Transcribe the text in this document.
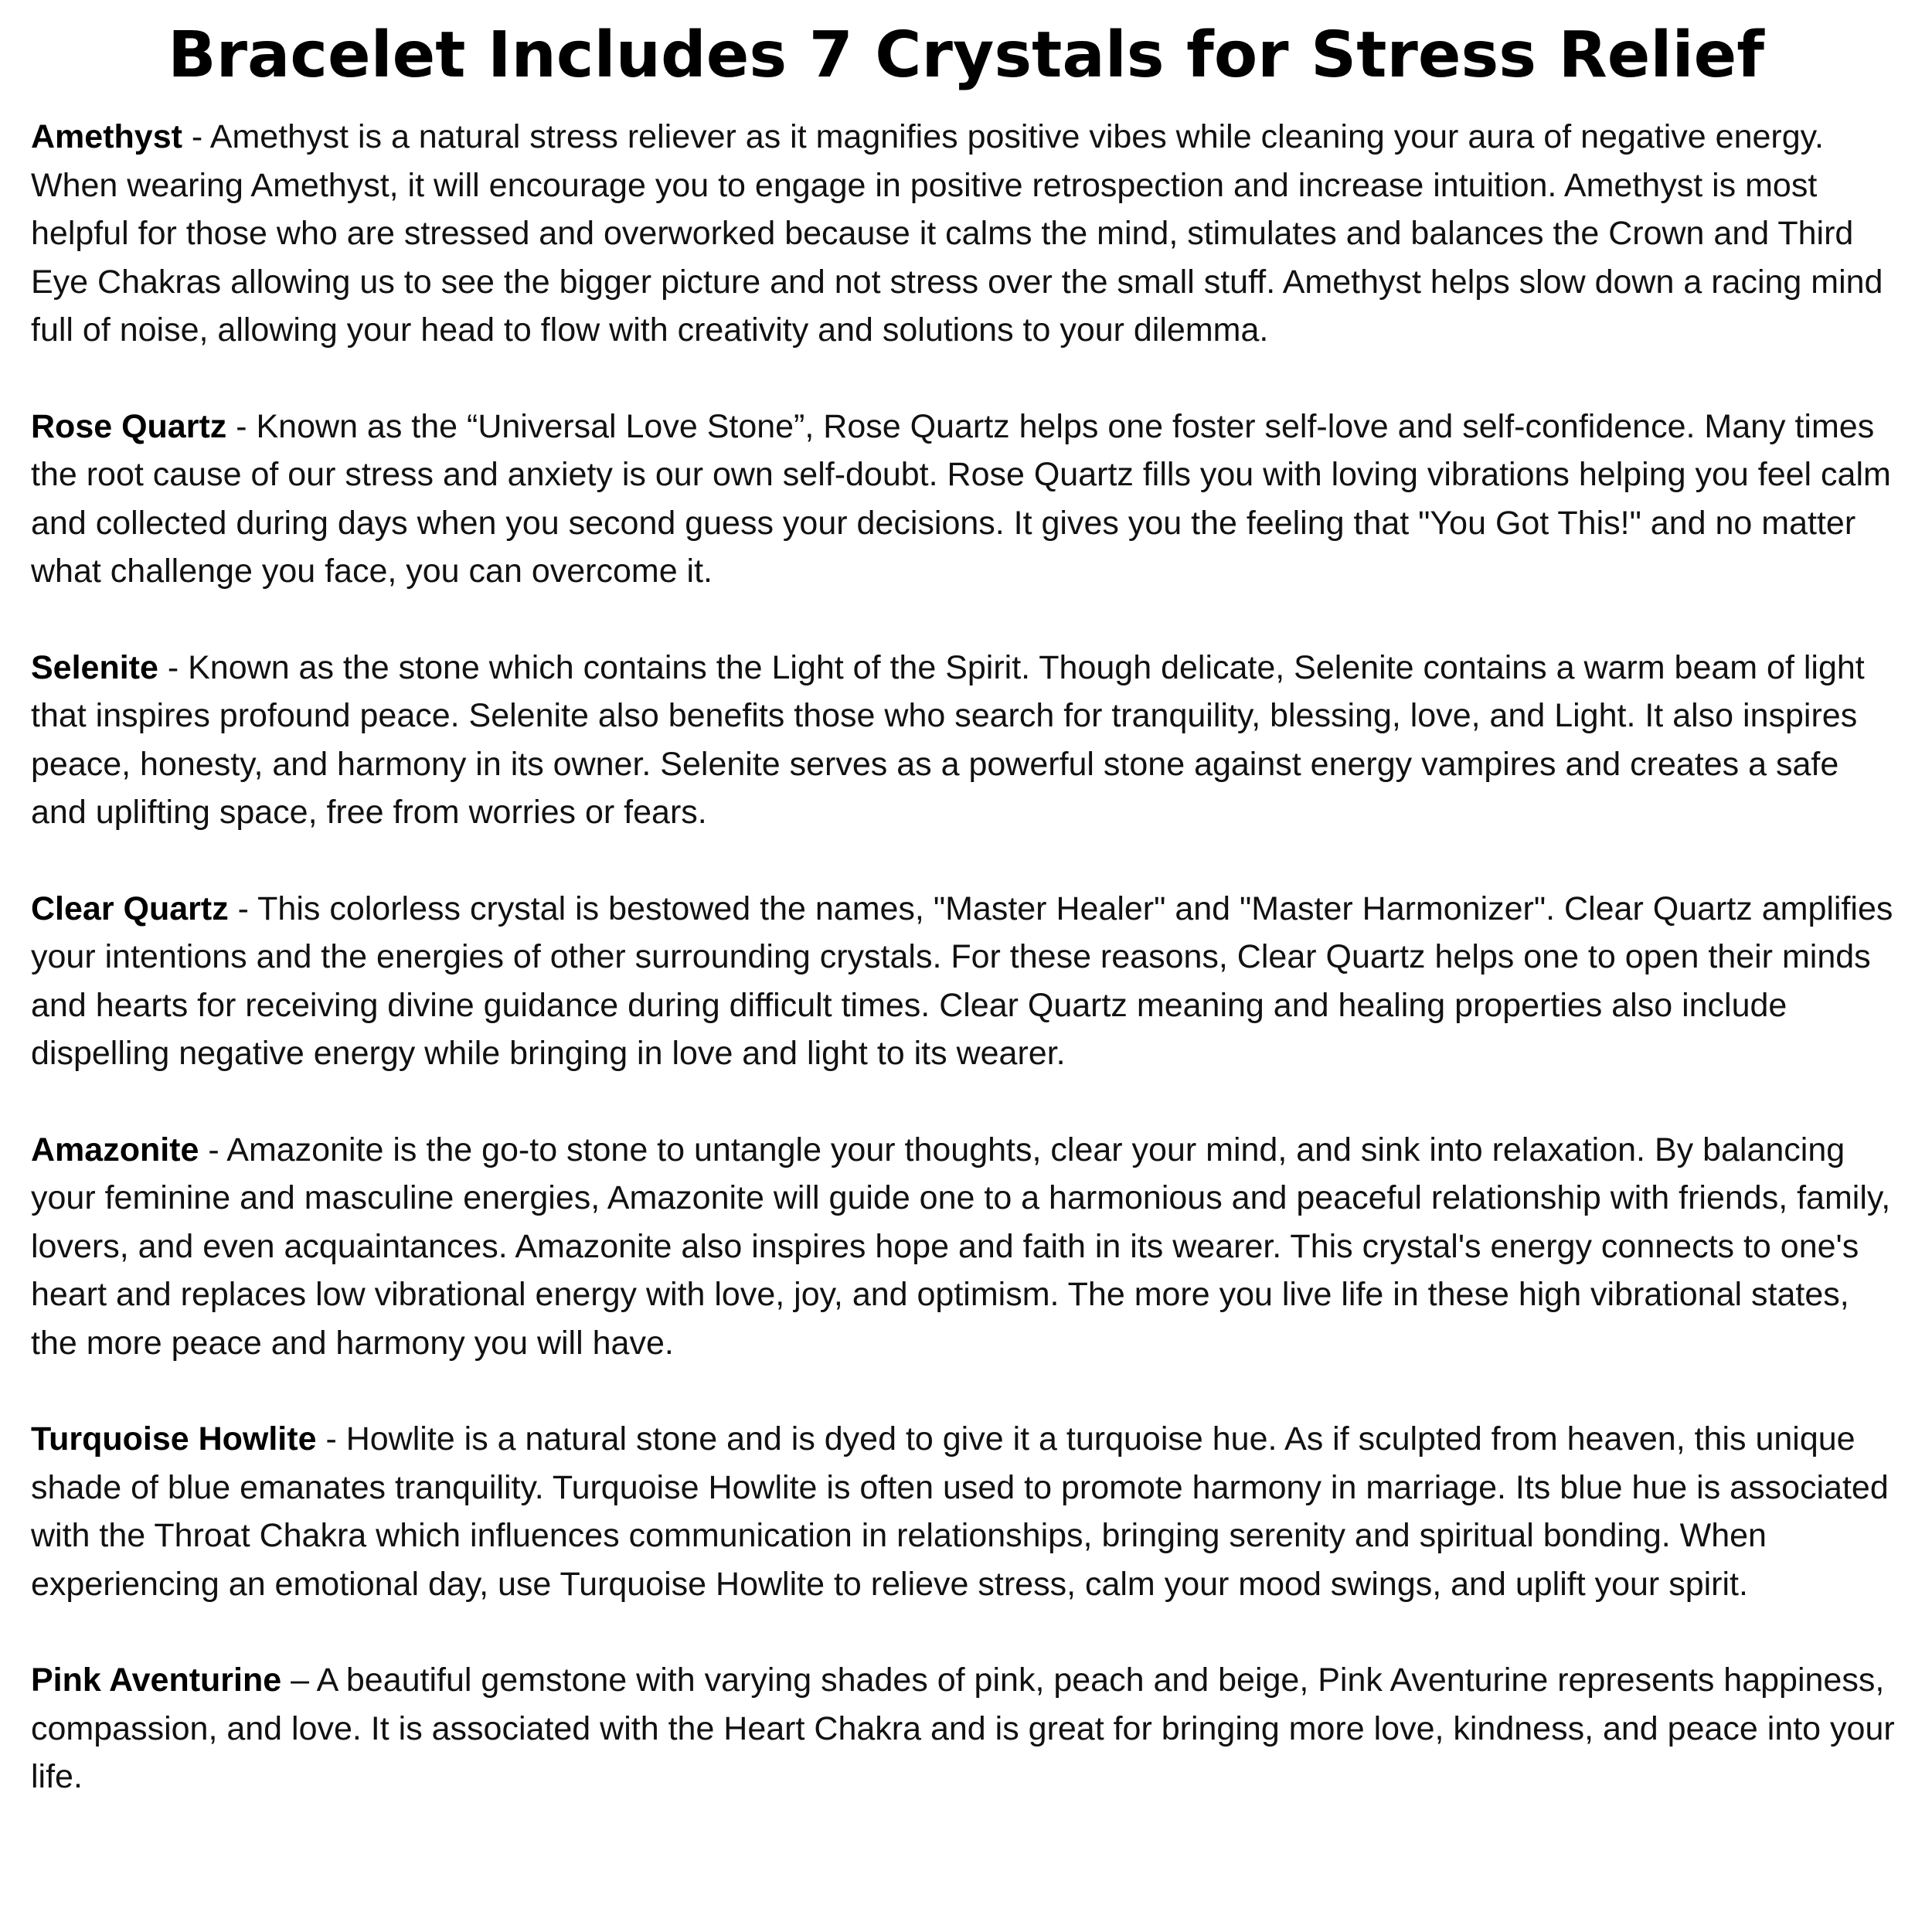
Bracelet Includes 7 Crystals for Stress Relief
Amethyst - Amethyst is a natural stress reliever as it magnifies positive vibes while cleaning your aura of negative energy. When wearing Amethyst, it will encourage you to engage in positive retrospection and increase intuition. Amethyst is most helpful for those who are stressed and overworked because it calms the mind, stimulates and balances the Crown and Third Eye Chakras allowing us to see the bigger picture and not stress over the small stuff. Amethyst helps slow down a racing mind full of noise, allowing your head to flow with creativity and solutions to your dilemma.
Rose Quartz - Known as the “Universal Love Stone”, Rose Quartz helps one foster self-love and self-confidence. Many times the root cause of our stress and anxiety is our own self-doubt. Rose Quartz fills you with loving vibrations helping you feel calm and collected during days when you second guess your decisions. It gives you the feeling that "You Got This!" and no matter what challenge you face, you can overcome it.
Selenite - Known as the stone which contains the Light of the Spirit. Though delicate, Selenite contains a warm beam of light that inspires profound peace. Selenite also benefits those who search for tranquility, blessing, love, and Light. It also inspires peace, honesty, and harmony in its owner. Selenite serves as a powerful stone against energy vampires and creates a safe and uplifting space, free from worries or fears.
Clear Quartz - This colorless crystal is bestowed the names, "Master Healer" and "Master Harmonizer". Clear Quartz amplifies your intentions and the energies of other surrounding crystals. For these reasons, Clear Quartz helps one to open their minds and hearts for receiving divine guidance during difficult times. Clear Quartz meaning and healing properties also include dispelling negative energy while bringing in love and light to its wearer.
Amazonite - Amazonite is the go-to stone to untangle your thoughts, clear your mind, and sink into relaxation. By balancing your feminine and masculine energies, Amazonite will guide one to a harmonious and peaceful relationship with friends, family, lovers, and even acquaintances. Amazonite also inspires hope and faith in its wearer. This crystal's energy connects to one's heart and replaces low vibrational energy with love, joy, and optimism. The more you live life in these high vibrational states, the more peace and harmony you will have.
Turquoise Howlite - Howlite is a natural stone and is dyed to give it a turquoise hue. As if sculpted from heaven, this unique shade of blue emanates tranquility. Turquoise Howlite is often used to promote harmony in marriage. Its blue hue is associated with the Throat Chakra which influences communication in relationships, bringing serenity and spiritual bonding. When experiencing an emotional day, use Turquoise Howlite to relieve stress, calm your mood swings, and uplift your spirit.
Pink Aventurine – A beautiful gemstone with varying shades of pink, peach and beige, Pink Aventurine represents happiness, compassion, and love. It is associated with the Heart Chakra and is great for bringing more love, kindness, and peace into your life.
